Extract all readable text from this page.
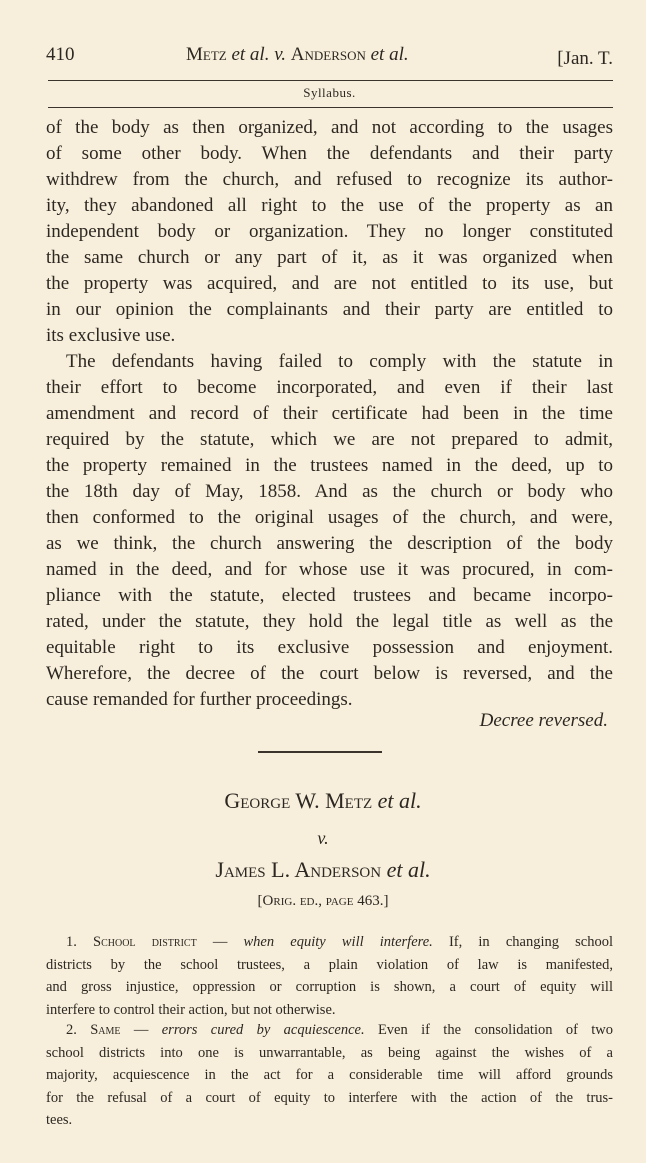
410	Metz et al. v. Anderson et al.	[Jan. T.
Syllabus.
of the body as then organized, and not according to the usages
of some other body. When the defendants and their party
withdrew from the church, and refused to recognize its author-
ity, they abandoned all right to the use of the property as an
independent body or organization. They no longer constituted
the same church or any part of it, as it was organized when
the property was acquired, and are not entitled to its use, but
in our opinion the complainants and their party are entitled to
its exclusive use.
The defendants having failed to comply with the statute in
their effort to become incorporated, and even if their last
amendment and record of their certificate had been in the time
required by the statute, which we are not prepared to admit,
the property remained in the trustees named in the deed, up to
the 18th day of May, 1858. And as the church or body who
then conformed to the original usages of the church, and were,
as we think, the church answering the description of the body
named in the deed, and for whose use it was procured, in com-
pliance with the statute, elected trustees and became incorpo-
rated, under the statute, they hold the legal title as well as the
equitable right to its exclusive possession and enjoyment.
Wherefore, the decree of the court below is reversed, and the
cause remanded for further proceedings.
Decree reversed.
George W. Metz et al.
v.
James L. Anderson et al.
[Orig. ed., page 463.]
1. School district — when equity will interfere. If, in changing school
districts by the school trustees, a plain violation of law is manifested,
and gross injustice, oppression or corruption is shown, a court of equity will
interfere to control their action, but not otherwise.
2. Same — errors cured by acquiescence. Even if the consolidation of two
school districts into one is unwarrantable, as being against the wishes of a
majority, acquiescence in the act for a considerable time will afford grounds
for the refusal of a court of equity to interfere with the action of the trus-
tees.
